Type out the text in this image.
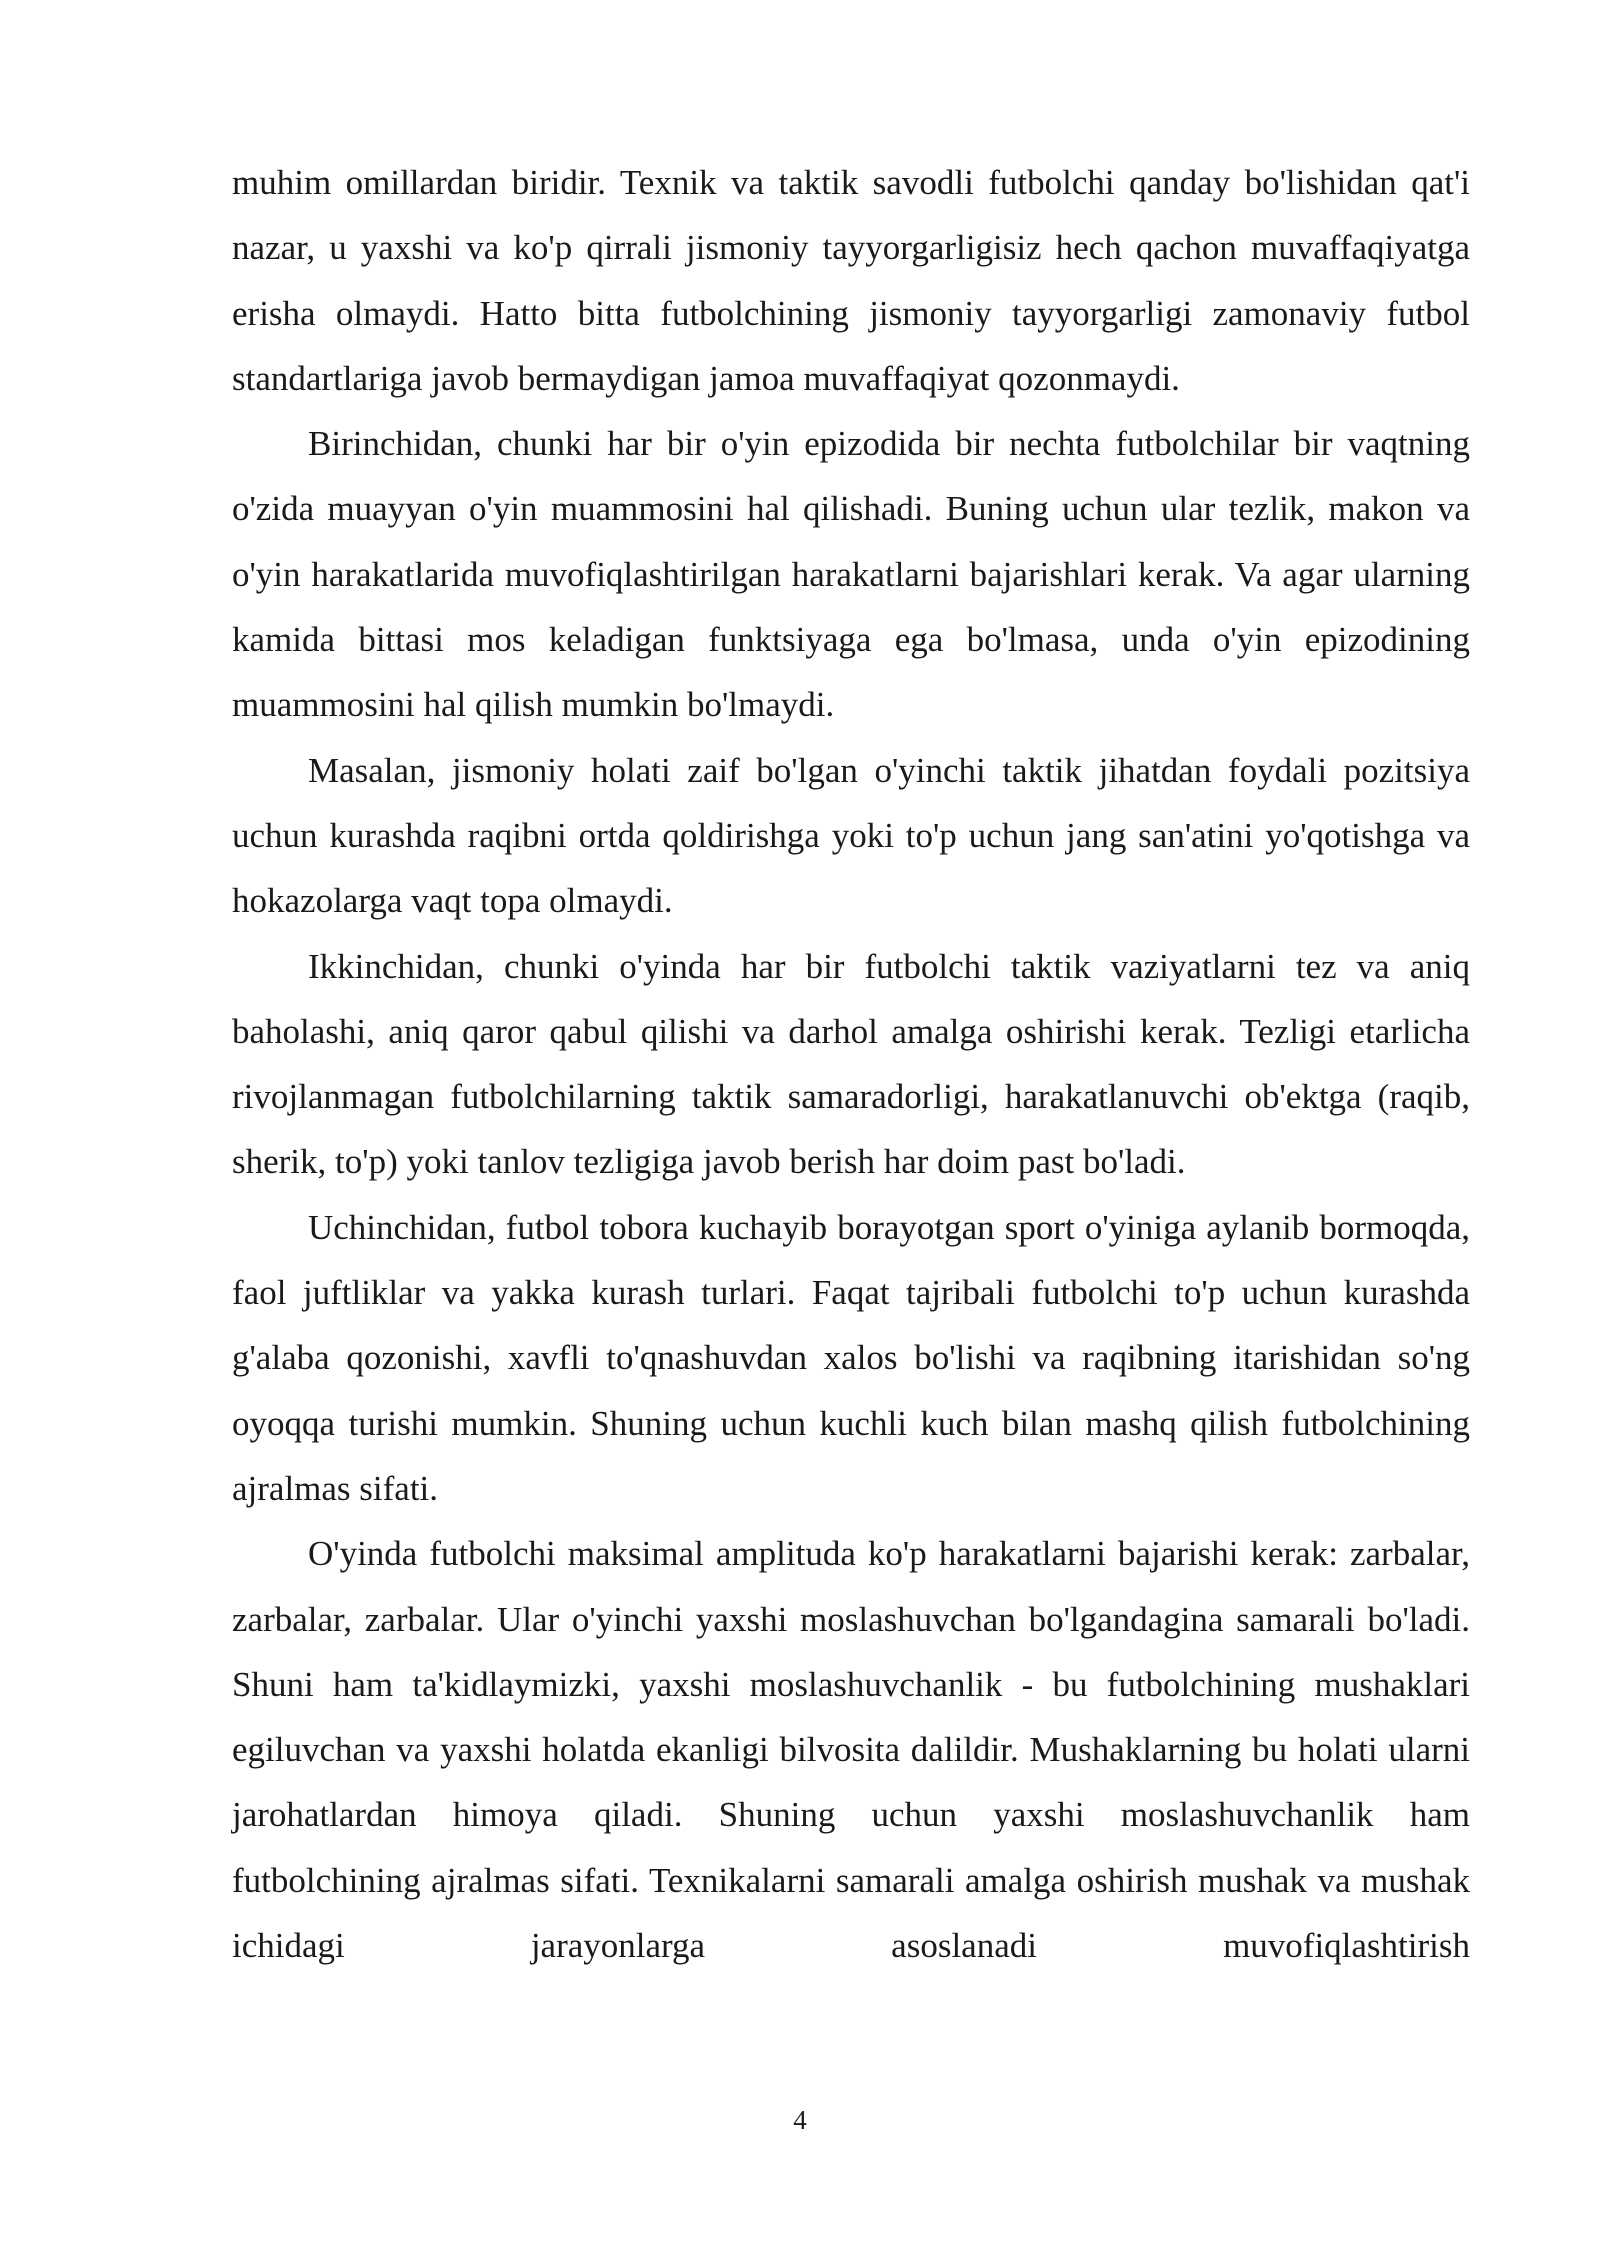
muhim omillardan biridir. Texnik va taktik savodli futbolchi qanday bo'lishidan qat'i nazar, u yaxshi va ko'p qirrali jismoniy tayyorgarligisiz hech qachon muvaffaqiyatga erisha olmaydi. Hatto bitta futbolchining jismoniy tayyorgarligi zamonaviy futbol standartlariga javob bermaydigan jamoa muvaffaqiyat qozonmaydi.

Birinchidan, chunki har bir o'yin epizodida bir nechta futbolchilar bir vaqtning o'zida muayyan o'yin muammosini hal qilishadi. Buning uchun ular tezlik, makon va o'yin harakatlarida muvofiqlashtirilgan harakatlarni bajarishlari kerak. Va agar ularning kamida bittasi mos keladigan funktsiyaga ega bo'lmasa, unda o'yin epizodining muammosini hal qilish mumkin bo'lmaydi.

Masalan, jismoniy holati zaif bo'lgan o'yinchi taktik jihatdan foydali pozitsiya uchun kurashda raqibni ortda qoldirishga yoki to'p uchun jang san'atini yo'qotishga va hokazolarga vaqt topa olmaydi.

Ikkinchidan, chunki o'yinda har bir futbolchi taktik vaziyatlarni tez va aniq baholashi, aniq qaror qabul qilishi va darhol amalga oshirishi kerak. Tezligi etarlicha rivojlanmagan futbolchilarning taktik samaradorligi, harakatlanuvchi ob'ektga (raqib, sherik, to'p) yoki tanlov tezligiga javob berish har doim past bo'ladi.

Uchinchidan, futbol tobora kuchayib borayotgan sport o'yiniga aylanib bormoqda, faol juftliklar va yakka kurash turlari. Faqat tajribali futbolchi to'p uchun kurashda g'alaba qozonishi, xavfli to'qnashuvdan xalos bo'lishi va raqibning itarishidan so'ng oyoqqa turishi mumkin. Shuning uchun kuchli kuch bilan mashq qilish futbolchining ajralmas sifati.

O'yinda futbolchi maksimal amplituda ko'p harakatlarni bajarishi kerak: zarbalar, zarbalar, zarbalar. Ular o'yinchi yaxshi moslashuvchan bo'lgandagina samarali bo'ladi. Shuni ham ta'kidlaymizki, yaxshi moslashuvchanlik - bu futbolchining mushaklari egiluvchan va yaxshi holatda ekanligi bilvosita dalildir. Mushaklarning bu holati ularni jarohatlardan himoya qiladi. Shuning uchun yaxshi moslashuvchanlik ham futbolchining ajralmas sifati. Texnikalarni samarali amalga oshirish mushak va mushak ichidagi jarayonlarga asoslanadi muvofiqlashtirish

4
